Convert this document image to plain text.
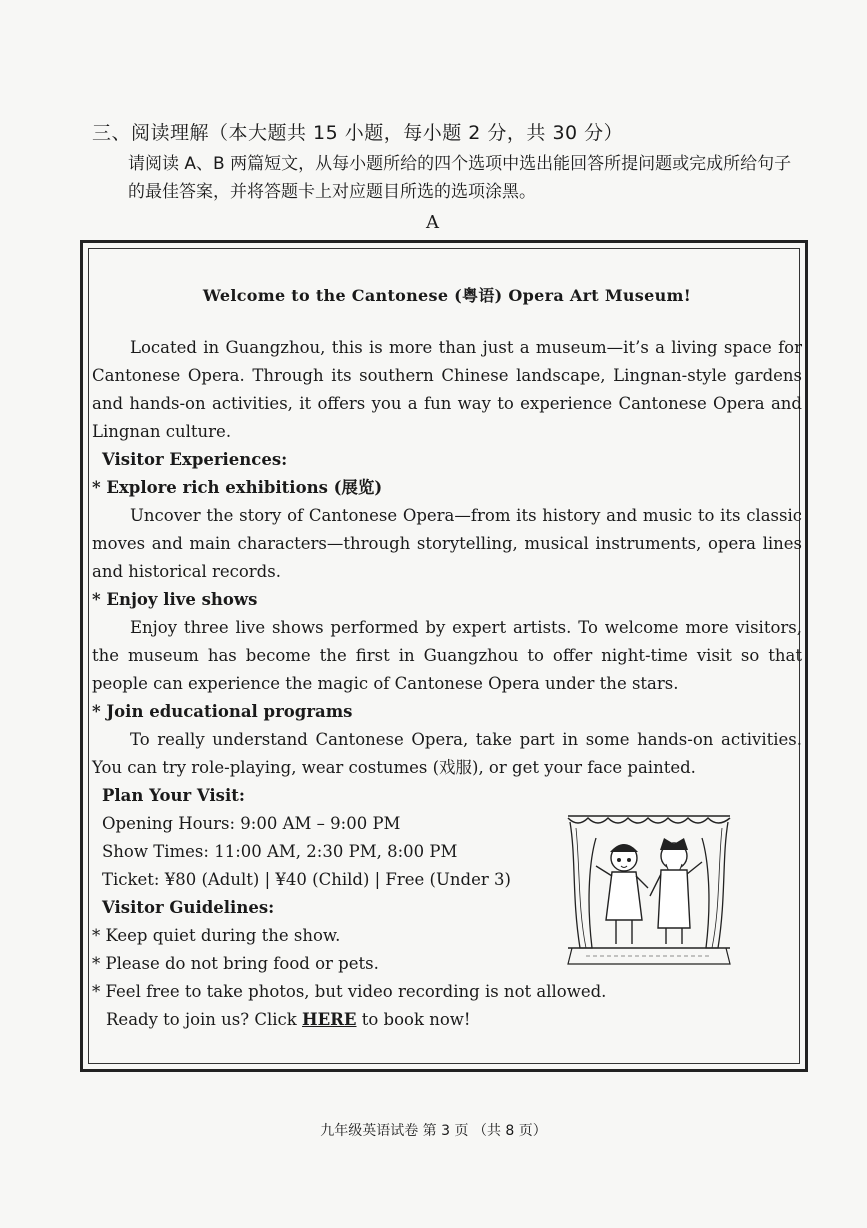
三、阅读理解（本大题共 15 小题，每小题 2 分，共 30 分）
请阅读 A、B 两篇短文，从每小题所给的四个选项中选出能回答所提问题或完成所给句子的最佳答案，并将答题卡上对应题目所选的选项涂黑。
A
Welcome to the Cantonese (粤语) Opera Art Museum!

Located in Guangzhou, this is more than just a museum—it’s a living space for Cantonese Opera. Through its southern Chinese landscape, Lingnan-style gardens and hands-on activities, it offers you a fun way to experience Cantonese Opera and Lingnan culture.

Visitor Experiences:

* Explore rich exhibitions (展览)

Uncover the story of Cantonese Opera—from its history and music to its classic moves and main characters—through storytelling, musical instruments, opera lines and historical records.

* Enjoy live shows

Enjoy three live shows performed by expert artists. To welcome more visitors, the museum has become the first in Guangzhou to offer night-time visit so that people can experience the magic of Cantonese Opera under the stars.

* Join educational programs

To really understand Cantonese Opera, take part in some hands-on activities. You can try role-playing, wear costumes (戏服), or get your face painted.

Plan Your Visit:

Opening Hours: 9:00 AM – 9:00 PM

Show Times: 11:00 AM, 2:30 PM, 8:00 PM

Ticket: ¥80 (Adult) | ¥40 (Child) | Free (Under 3)

Visitor Guidelines:

* Keep quiet during the show.

* Please do not bring food or pets.

* Feel free to take photos, but video recording is not allowed.

Ready to join us? Click HERE to book now!

九年级英语试卷 第 3 页 （共 8 页）
